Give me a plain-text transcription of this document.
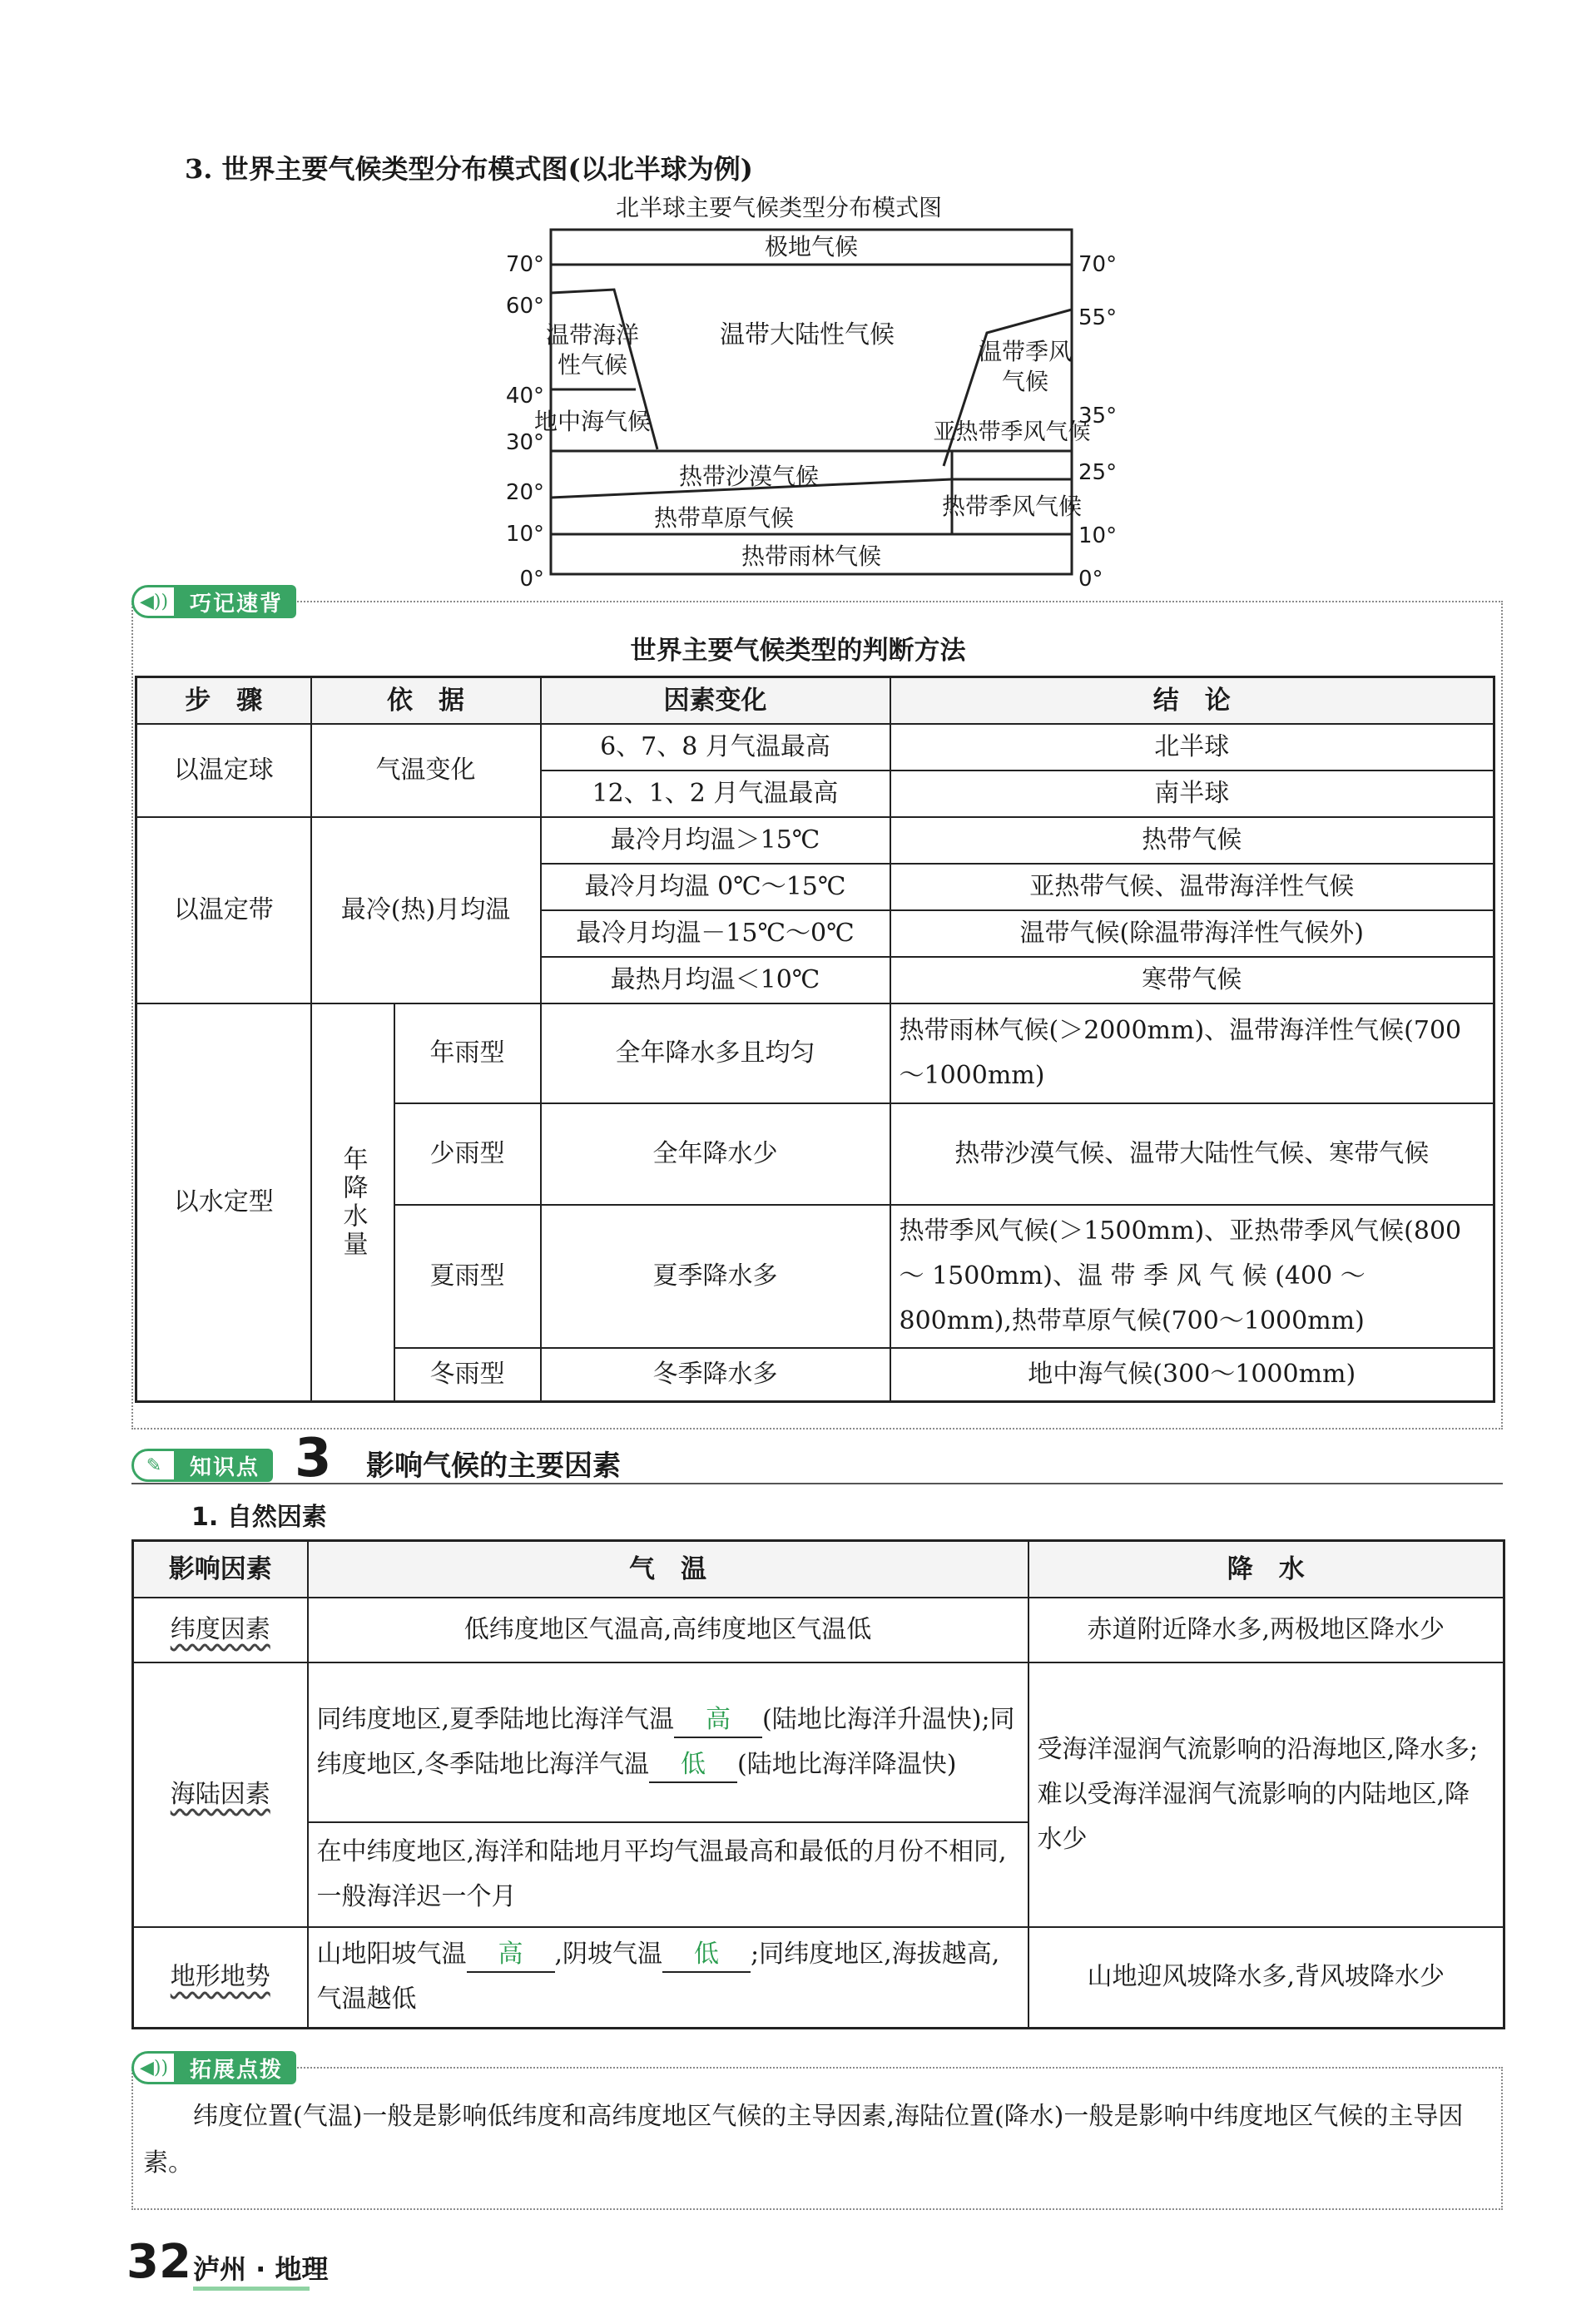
3. 世界主要气候类型分布模式图(以北半球为例)
北半球主要气候类型分布模式图
极地气候
温带海洋
性气候
温带大陆性气候
温带季风
气候
地中海气候	亚热带季风气候
热带沙漠气候
热带季风气候
热带草原气候
热带雨林气候
70°
60°
40°
30°
20°
10°
0°
70°
55°
35°
25°
10°
0°
◀)) 巧记速背
世界主要气候类型的判断方法
步　骤	依　据		因素变化	结　论
以温定球	气温变化		6、7、8 月气温最高	北半球
			12、1、2 月气温最高	南半球
以温定带	最冷(热)月均温		最冷月均温＞15℃	热带气候
			最冷月均温 0℃～15℃	亚热带气候、温带海洋性气候
			最冷月均温－15℃～0℃	温带气候(除温带海洋性气候外)
			最热月均温＜10℃	寒带气候
以水定型	年降水量	年雨型	全年降水多且均匀	热带雨林气候(＞2000mm)、温带海洋性气候(700～1000mm)
		少雨型	全年降水少	热带沙漠气候、温带大陆性气候、寒带气候
		夏雨型	夏季降水多	热带季风气候(＞1500mm)、亚热带季风气候(800 ～ 1500mm)、温 带 季 风 气 候 (400 ～ 800mm),热带草原气候(700～1000mm)
		冬雨型	冬季降水多	地中海气候(300～1000mm)
✎	知识点 3 影响气候的主要因素
1. 自然因素
影响因素	气　温	降　水
纬度因素	低纬度地区气温高,高纬度地区气温低	赤道附近降水多,两极地区降水少
海陆因素	同纬度地区,夏季陆地比海洋气温 高 (陆地比海洋升温快);同纬度地区,冬季陆地比海洋气温 低 (陆地比海洋降温快)	受海洋湿润气流影响的沿海地区,降水多;难以受海洋湿润气流影响的内陆地区,降水少
	在中纬度地区,海洋和陆地月平均气温最高和最低的月份不相同,一般海洋迟一个月	
地形地势	山地阳坡气温 高 ,阴坡气温 低 ;同纬度地区,海拔越高,气温越低	山地迎风坡降水多,背风坡降水少
◀)) 拓展点拨
纬度位置(气温)一般是影响低纬度和高纬度地区气候的主导因素,海陆位置(降水)一般是影响中纬度地区气候的主导因素。
32 泸州 · 地理
